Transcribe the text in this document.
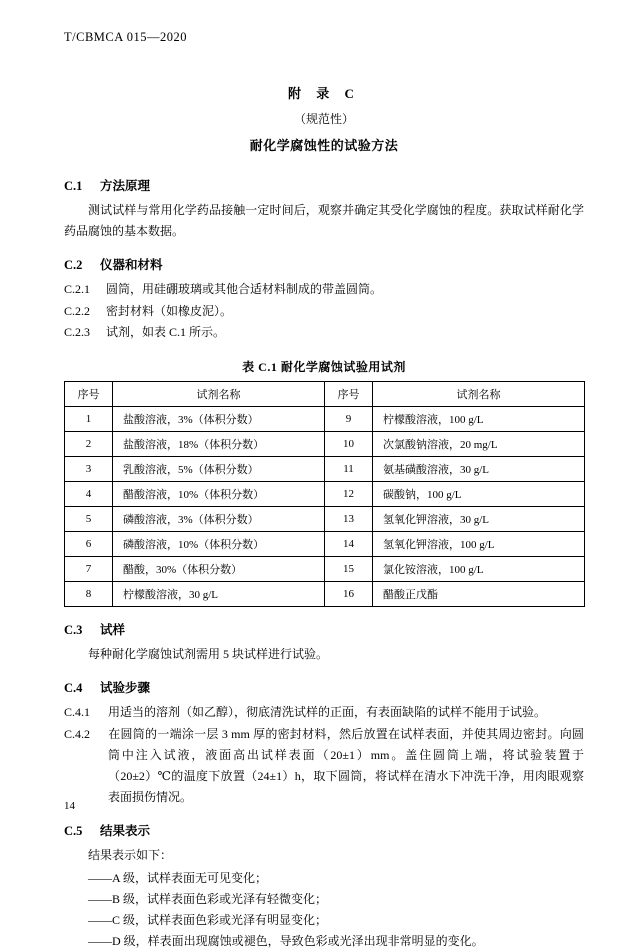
T/CBMCA 015—2020
附 录 C
（规范性）
耐化学腐蚀性的试验方法
C.1 方法原理

测试试样与常用化学药品接触一定时间后，观察并确定其受化学腐蚀的程度。获取试样耐化学药品腐蚀的基本数据。

C.2 仪器和材料
C.2.1 圆筒，用硅硼玻璃或其他合适材料制成的带盖圆筒。
C.2.2 密封材料（如橡皮泥）。
C.2.3 试剂，如表 C.1 所示。
表 C.1 耐化学腐蚀试验用试剂
序号	试剂名称	序号	试剂名称
1	盐酸溶液，3%（体积分数）	9	柠檬酸溶液，100 g/L
2	盐酸溶液，18%（体积分数）	10	次氯酸钠溶液，20 mg/L
3	乳酸溶液，5%（体积分数）	11	氨基磺酸溶液，30 g/L
4	醋酸溶液，10%（体积分数）	12	碳酸钠，100 g/L
5	磷酸溶液，3%（体积分数）	13	氢氧化钾溶液，30 g/L
6	磷酸溶液，10%（体积分数）	14	氢氧化钾溶液，100 g/L
7	醋酸，30%（体积分数）	15	氯化铵溶液，100 g/L
8	柠檬酸溶液，30 g/L	16	醋酸正戊酯
C.3 试样

每种耐化学腐蚀试剂需用 5 块试样进行试验。

C.4 试验步骤

C.4.1 用适当的溶剂（如乙醇），彻底清洗试样的正面，有表面缺陷的试样不能用于试验。

C.4.2 在圆筒的一端涂一层 3 mm 厚的密封材料，然后放置在试样表面，并使其周边密封。向圆筒中注入试液，液面高出试样表面（20±1）mm。盖住圆筒上端，将试验装置于（20±2）℃的温度下放置（24±1）h，取下圆筒，将试样在清水下冲洗干净，用肉眼观察表面损伤情况。

C.5 结果表示
结果表示如下：
——A 级，试样表面无可见变化；
——B 级，试样表面色彩或光泽有轻微变化；
——C 级，试样表面色彩或光泽有明显变化；
——D 级，样表面出现腐蚀或褪色，导致色彩或光泽出现非常明显的变化。
14
